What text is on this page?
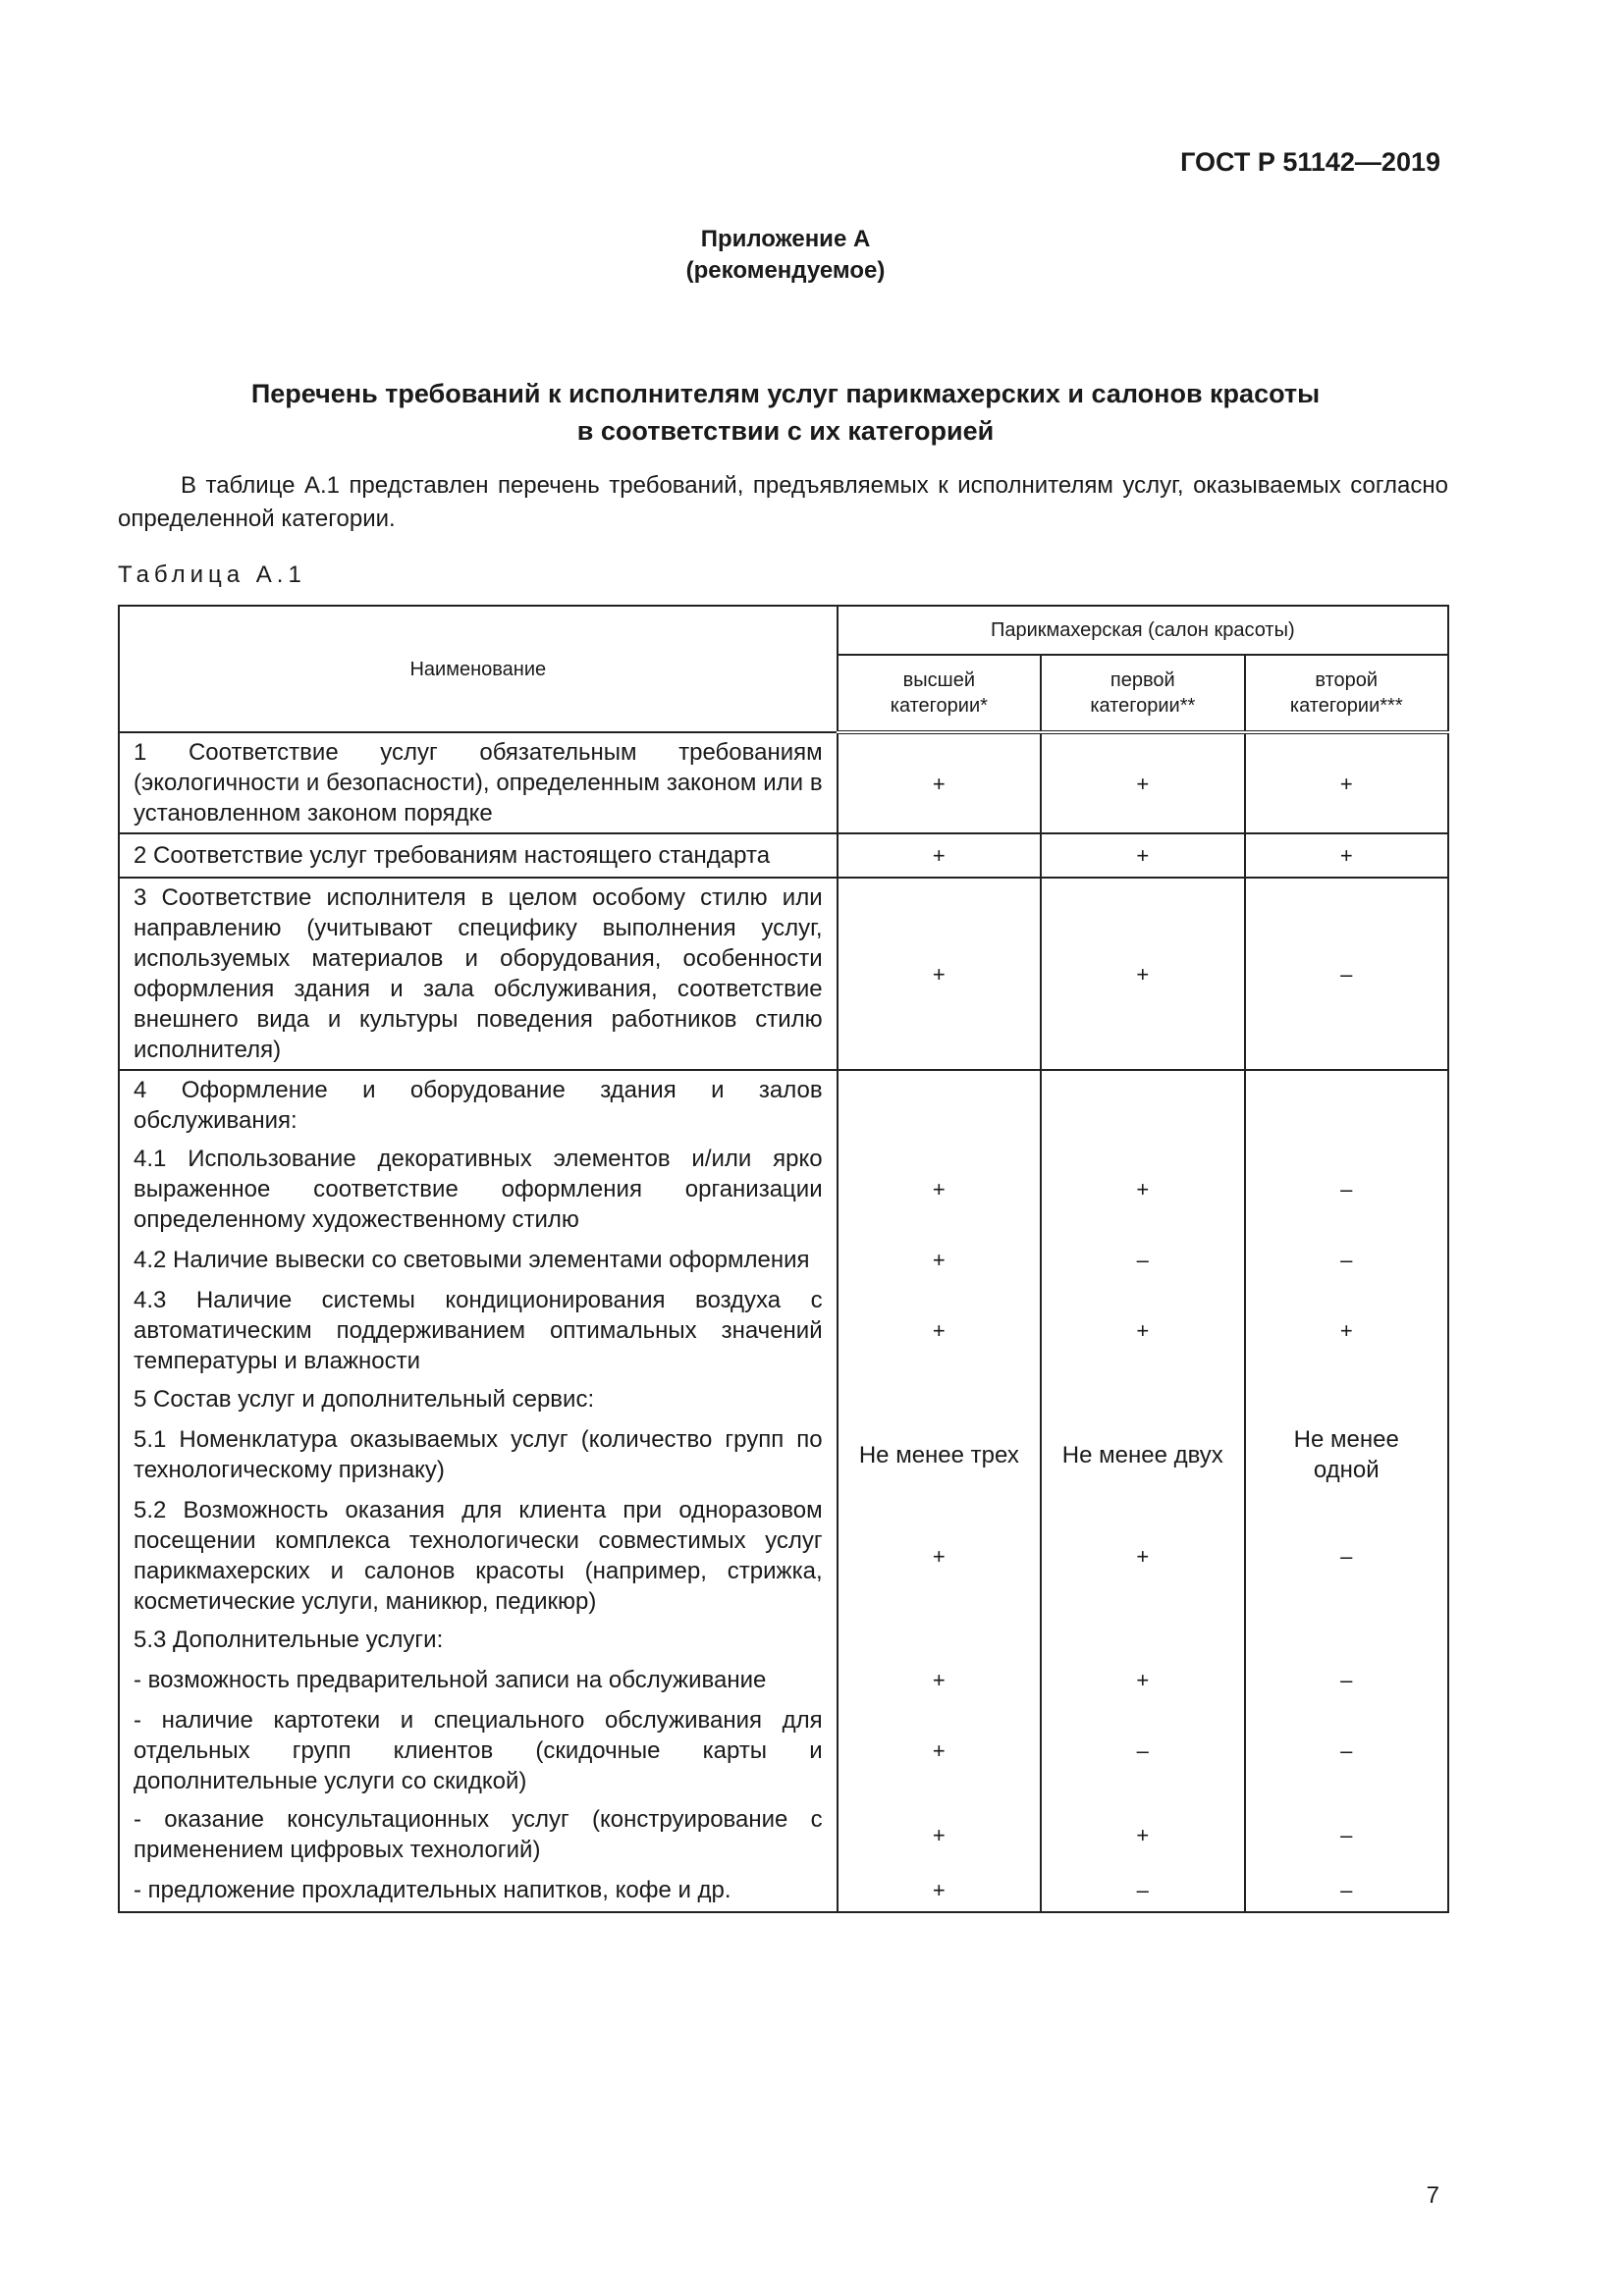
ГОСТ Р 51142—2019
Приложение А
(рекомендуемое)
Перечень требований к исполнителям услуг парикмахерских и салонов красоты
в соответствии с их категорией
В таблице А.1 представлен перечень требований, предъявляемых к исполнителям услуг, оказываемых согласно определенной категории.
Таблица А.1
Наименование	Парикмахерская (салон красоты)		
	высшей категории*	первой категории**	второй категории***
1 Соответствие услуг обязательным требованиям (экологичности и безопасности), определенным законом или в установленном законом порядке	+	+	+
2 Соответствие услуг требованиям настоящего стандарта	+	+	+
3 Соответствие исполнителя в целом особому стилю или направлению (учитывают специфику выполнения услуг, используемых материалов и оборудования, особенности оформления здания и зала обслуживания, соответствие внешнего вида и культуры поведения работников стилю исполнителя)	+	+	–
4 Оформление и оборудование здания и залов обслуживания:			
4.1 Использование декоративных элементов и/или ярко выраженное соответствие оформления организации определенному художественному стилю	+	+	–
4.2 Наличие вывески со световыми элементами оформления	+	–	–
4.3 Наличие системы кондиционирования воздуха с автоматическим поддерживанием оптимальных значений температуры и влажности	+	+	+
5 Состав услуг и дополнительный сервис:			
5.1 Номенклатура оказываемых услуг (количество групп по технологическому признаку)	Не менее трех	Не менее двух	Не менее одной
5.2 Возможность оказания для клиента при одноразовом посещении комплекса технологически совместимых услуг парикмахерских и салонов красоты (например, стрижка, косметические услуги, маникюр, педикюр)	+	+	–
5.3 Дополнительные услуги:			
- возможность предварительной записи на обслуживание	+	+	–
- наличие картотеки и специального обслуживания для отдельных групп клиентов (скидочные карты и дополнительные услуги со скидкой)	+	–	–
- оказание консультационных услуг (конструирование с применением цифровых технологий)	+	+	–
- предложение прохладительных напитков, кофе и др.	+	–	–
7
